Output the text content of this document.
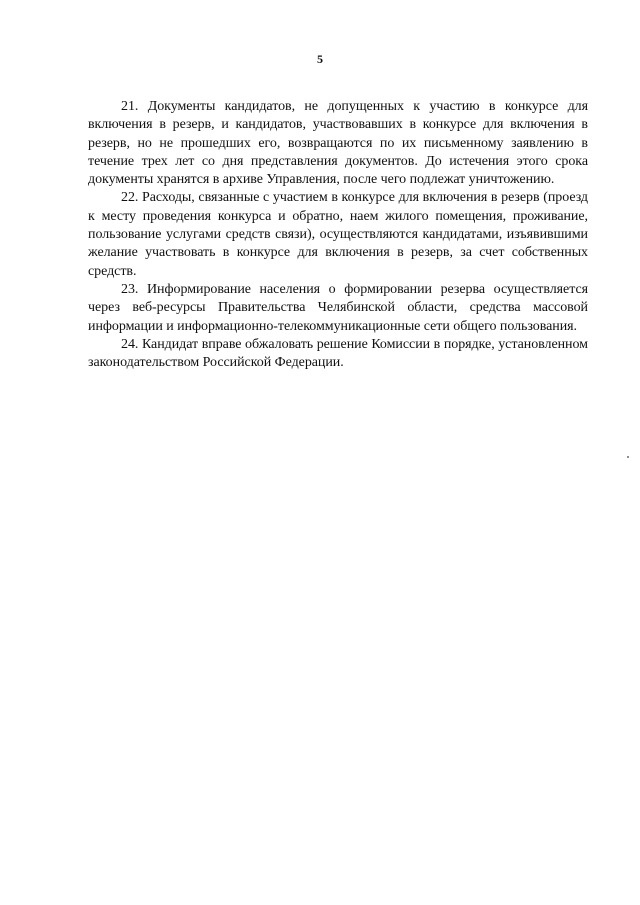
5

21. Документы кандидатов, не допущенных к участию в конкурсе для включения в резерв, и кандидатов, участвовавших в конкурсе для включения в резерв, но не прошедших его, возвращаются по их письменному заявлению в течение трех лет со дня представления документов. До истечения этого срока документы хранятся в архиве Управления, после чего подлежат уничтожению.

22. Расходы, связанные с участием в конкурсе для включения в резерв (проезд к месту проведения конкурса и обратно, наем жилого помещения, проживание, пользование услугами средств связи), осуществляются кандидатами, изъявившими желание участвовать в конкурсе для включения в резерв, за счет собственных средств.

23. Информирование населения о формировании резерва осуществляется через веб-ресурсы Правительства Челябинской области, средства массовой информации и информационно-телекоммуникационные сети общего пользования.

24. Кандидат вправе обжаловать решение Комиссии в порядке, установленном законодательством Российской Федерации.
